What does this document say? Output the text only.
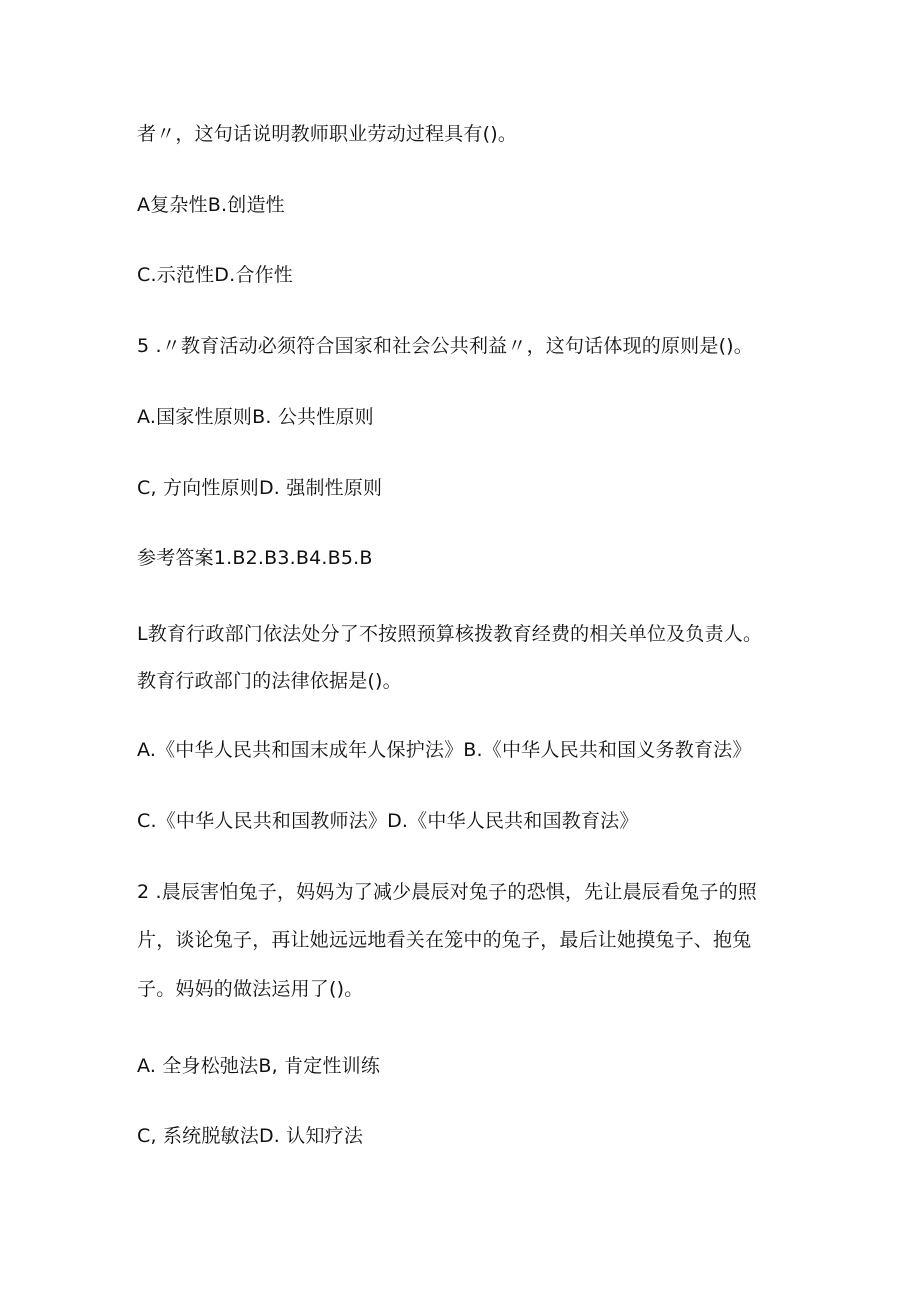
者〃，这句话说明教师职业劳动过程具有()。
A复杂性B.创造性
C.示范性D.合作性
5 .〃教育活动必须符合国家和社会公共利益〃，这句话体现的原则是()。
A.国家性原则B. 公共性原则
C, 方向性原则D. 强制性原则
参考答案1.B2.B3.B4.B5.B
L教育行政部门依法处分了不按照预算核拨教育经费的相关单位及负责人。
教育行政部门的法律依据是()。
A.《中华人民共和国末成年人保护法》B.《中华人民共和国义务教育法》
C.《中华人民共和国教师法》D.《中华人民共和国教育法》
2 .晨辰害怕兔子，妈妈为了减少晨辰对兔子的恐惧，先让晨辰看兔子的照
片，谈论兔子，再让她远远地看关在笼中的兔子，最后让她摸兔子、抱兔
子。妈妈的做法运用了()。
A. 全身松弛法B, 肯定性训练
C, 系统脱敏法D. 认知疗法
